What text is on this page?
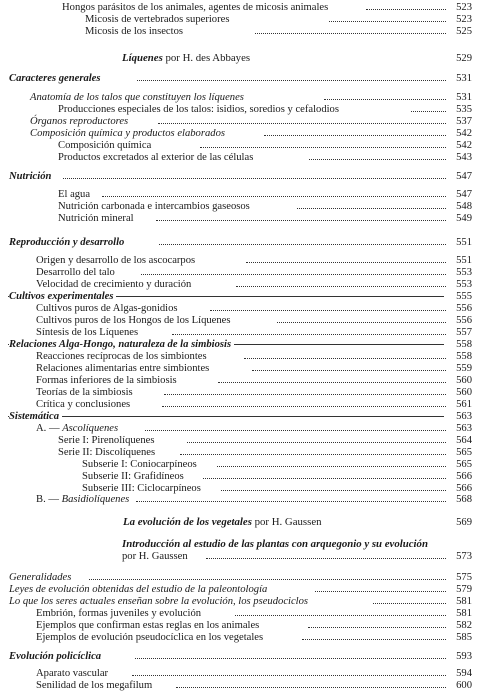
Hongos parásitos de los animales, agentes de micosis animales	523
Micosis de vertebrados superiores	523
Micosis de los insectos	525
Líquenes por H. des Abbayes	529
Caracteres generales	531
Anatomía de los talos que constituyen los líquenes	531
Producciones especiales de los talos: isidios, soredios y cefalodios	535
Órganos reproductores	537
Composición química y productos elaborados	542
Composición química	542
Productos excretados al exterior de las células	543
Nutrición	547
El agua	547
Nutrición carbonada e intercambios gaseosos	548
Nutrición mineral	549
Reproducción y desarrollo	551
Origen y desarrollo de los ascocarpos	551
Desarrollo del talo	553
Velocidad de crecimiento y duración	553
Cultivos experimentales	555
Cultivos puros de Algas-gonidios	556
Cultivos puros de los Hongos de los Líquenes	556
Síntesis de los Líquenes	557
Relaciones Alga-Hongo, naturaleza de la simbiosis	558
Reacciones recíprocas de los simbiontes	558
Relaciones alimentarias entre simbiontes	559
Formas inferiores de la simbiosis	560
Teorías de la simbiosis	560
Crítica y conclusiones	561
Sistemática	563
A. — Ascolíquenes	563
Serie I: Pirenolíquenes	564
Serie II: Discolíquenes	565
Subserie I: Coniocarpíneos	565
Subserie II: Grafidíneos	566
Subserie III: Ciclocarpíneos	566
B. — Basidiolíquenes	568
La evolución de los vegetales por H. Gaussen	569
Introducción al estudio de las plantas con arquegonio y su evolución
por H. Gaussen	573
Generalidades	575
Leyes de evolución obtenidas del estudio de la paleontología	579
Lo que los seres actuales enseñan sobre la evolución, los pseudociclos	581
Embrión, formas juveniles y evolución	581
Ejemplos que confirman estas reglas en los animales	582
Ejemplos de evolución pseudocíclica en los vegetales	585
Evolución policíclica	593
Aparato vascular	594
Senilidad de los megafilum	600
